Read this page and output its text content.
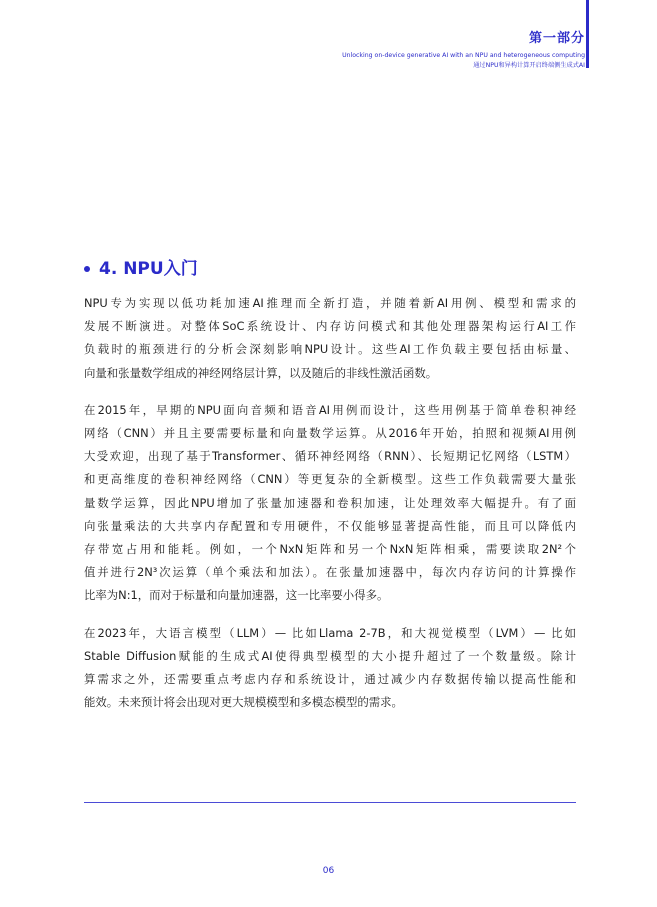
第一部分
Unlocking on-device generative AI with an NPU and heterogeneous computing
通过NPU和异构计算开启终端侧生成式AI
4. NPU入门
NPU专为实现以低功耗加速AI推理而全新打造，并随着新AI用例、模型和需求的
发展不断演进。对整体SoC系统设计、内存访问模式和其他处理器架构运行AI工作
负载时的瓶颈进行的分析会深刻影响NPU设计。这些AI工作负载主要包括由标量、
向量和张量数学组成的神经网络层计算，以及随后的非线性激活函数。
在2015年，早期的NPU面向音频和语音AI用例而设计，这些用例基于简单卷积神经
网络（CNN）并且主要需要标量和向量数学运算。从2016年开始，拍照和视频AI用例
大受欢迎，出现了基于Transformer、循环神经网络（RNN）、长短期记忆网络（LSTM）
和更高维度的卷积神经网络（CNN）等更复杂的全新模型。这些工作负载需要大量张
量数学运算，因此NPU增加了张量加速器和卷积加速，让处理效率大幅提升。有了面
向张量乘法的大共享内存配置和专用硬件，不仅能够显著提高性能，而且可以降低内
存带宽占用和能耗。例如，一个NxN矩阵和另一个NxN矩阵相乘，需要读取2N²个
值并进行2N³次运算（单个乘法和加法）。在张量加速器中，每次内存访问的计算操作
比率为N:1，而对于标量和向量加速器，这一比率要小得多。
在2023年，大语言模型（LLM）— 比如Llama 2-7B，和大视觉模型（LVM）— 比如
Stable Diffusion赋能的生成式AI使得典型模型的大小提升超过了一个数量级。除计
算需求之外，还需要重点考虑内存和系统设计，通过减少内存数据传输以提高性能和
能效。未来预计将会出现对更大规模模型和多模态模型的需求。
06
